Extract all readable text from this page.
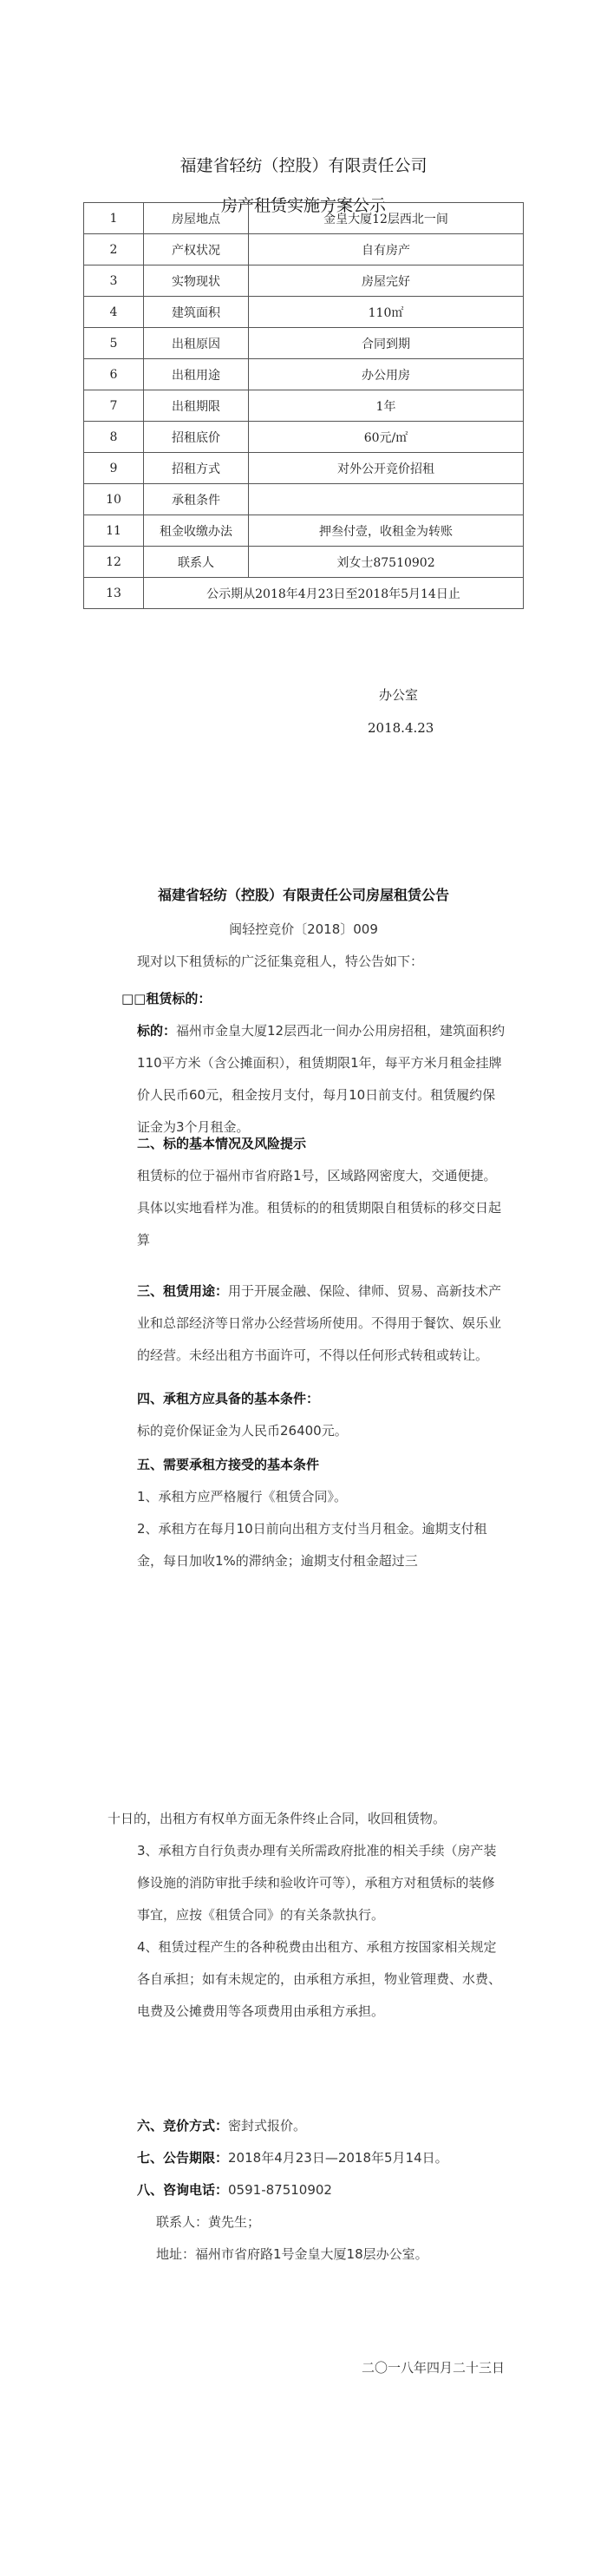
福建省轻纺（控股）有限责任公司
房产租赁实施方案公示
1	房屋地点	金皇大厦12层西北一间
2	产权状况	自有房产
3	实物现状	房屋完好
4	建筑面积	110㎡
5	出租原因	合同到期
6	出租用途	办公用房
7	出租期限	1年
8	招租底价	60元/㎡
9	招租方式	对外公开竞价招租
10	承租条件	
11	租金收缴办法	押叁付壹，收租金为转账
12	联系人	刘女士87510902
13	公示期从2018年4月23日至2018年5月14日止	
办公室
2018.4.23
福建省轻纺（控股）有限责任公司房屋租赁公告
闽轻控竞价〔2018〕009
现对以下租赁标的广泛征集竞租人，特公告如下：
□□租赁标的：
标的：福州市金皇大厦12层西北一间办公用房招租，建筑面积约110平方米（含公摊面积），租赁期限1年，每平方米月租金挂牌价人民币60元，租金按月支付，每月10日前支付。租赁履约保证金为3个月租金。
二、标的基本情况及风险提示
租赁标的位于福州市省府路1号，区域路网密度大，交通便捷。具体以实地看样为准。租赁标的的租赁期限自租赁标的移交日起算
三、租赁用途：用于开展金融、保险、律师、贸易、高新技术产业和总部经济等日常办公经营场所使用。不得用于餐饮、娱乐业的经营。未经出租方书面许可，不得以任何形式转租或转让。
四、承租方应具备的基本条件：
标的竞价保证金为人民币26400元。
五、需要承租方接受的基本条件
1、承租方应严格履行《租赁合同》。
2、承租方在每月10日前向出租方支付当月租金。逾期支付租金，每日加收1%的滞纳金；逾期支付租金超过三
十日的，出租方有权单方面无条件终止合同，收回租赁物。
3、承租方自行负责办理有关所需政府批准的相关手续（房产装修设施的消防审批手续和验收许可等），承租方对租赁标的装修事宜，应按《租赁合同》的有关条款执行。
4、租赁过程产生的各种税费由出租方、承租方按国家相关规定各自承担；如有未规定的，由承租方承担，物业管理费、水费、电费及公摊费用等各项费用由承租方承担。
六、竞价方式：密封式报价。
七、公告期限：2018年4月23日—2018年5月14日。
八、咨询电话：0591-87510902
联系人：黄先生；
地址：福州市省府路1号金皇大厦18层办公室。
二〇一八年四月二十三日
